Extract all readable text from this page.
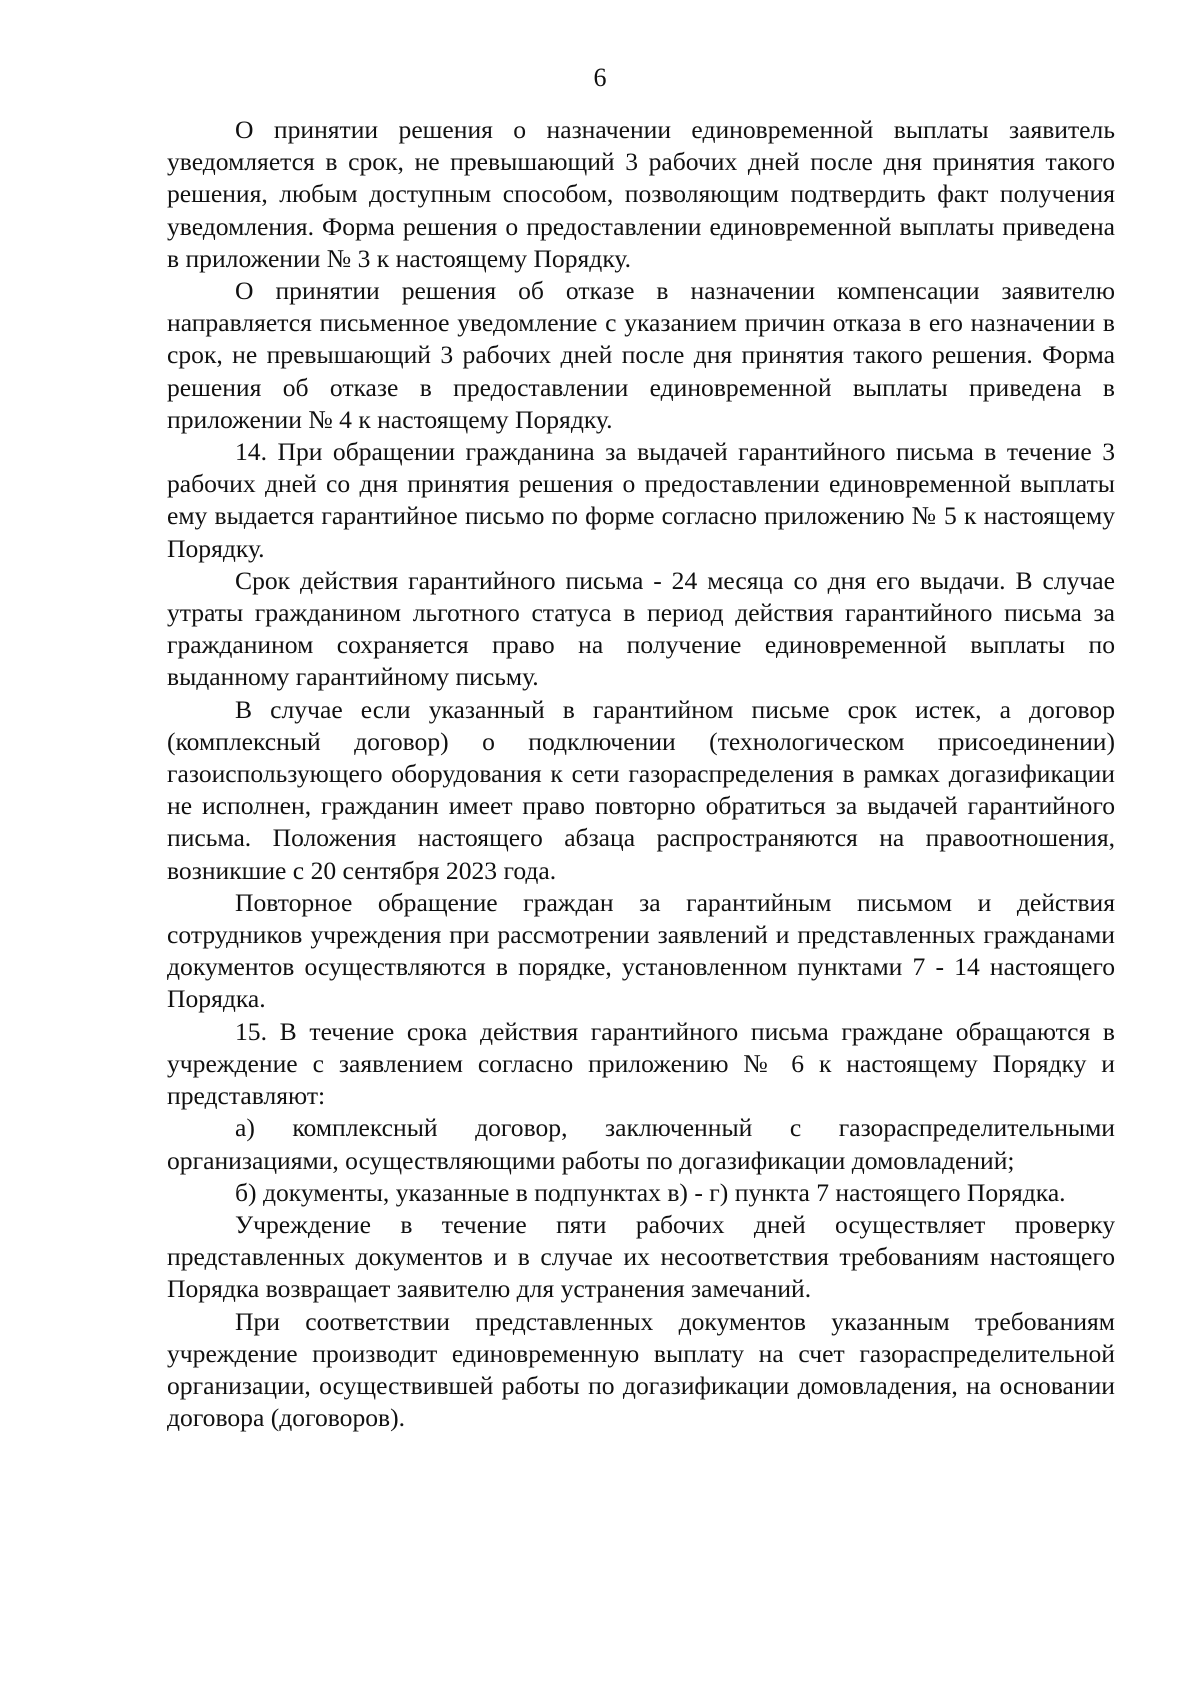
6

О принятии решения о назначении единовременной выплаты заявитель уведомляется в срок, не превышающий 3 рабочих дней после дня принятия такого решения, любым доступным способом, позволяющим подтвердить факт получения уведомления. Форма решения о предоставлении единовременной выплаты приведена в приложении № 3 к настоящему Порядку.

О принятии решения об отказе в назначении компенсации заявителю направляется письменное уведомление с указанием причин отказа в его назначении в срок, не превышающий 3 рабочих дней после дня принятия такого решения. Форма решения об отказе в предоставлении единовременной выплаты приведена в приложении № 4 к настоящему Порядку.

14. При обращении гражданина за выдачей гарантийного письма в течение 3 рабочих дней со дня принятия решения о предоставлении единовременной выплаты ему выдается гарантийное письмо по форме согласно приложению № 5 к настоящему Порядку.

Срок действия гарантийного письма - 24 месяца со дня его выдачи. В случае утраты гражданином льготного статуса в период действия гарантийного письма за гражданином сохраняется право на получение единовременной выплаты по выданному гарантийному письму.

В случае если указанный в гарантийном письме срок истек, а договор (комплексный договор) о подключении (технологическом присоединении) газоиспользующего оборудования к сети газораспределения в рамках догазификации не исполнен, гражданин имеет право повторно обратиться за выдачей гарантийного письма. Положения настоящего абзаца распространяются на правоотношения, возникшие с 20 сентября 2023 года.

Повторное обращение граждан за гарантийным письмом и действия сотрудников учреждения при рассмотрении заявлений и представленных гражданами документов осуществляются в порядке, установленном пунктами 7 - 14 настоящего Порядка.

15. В течение срока действия гарантийного письма граждане обращаются в учреждение с заявлением согласно приложению № 6 к настоящему Порядку и представляют:

а) комплексный договор, заключенный с газораспределительными организациями, осуществляющими работы по догазификации домовладений;

б) документы, указанные в подпунктах в) - г) пункта 7 настоящего Порядка.

Учреждение в течение пяти рабочих дней осуществляет проверку представленных документов и в случае их несоответствия требованиям настоящего Порядка возвращает заявителю для устранения замечаний.

При соответствии представленных документов указанным требованиям учреждение производит единовременную выплату на счет газораспределительной организации, осуществившей работы по догазификации домовладения, на основании договора (договоров).
